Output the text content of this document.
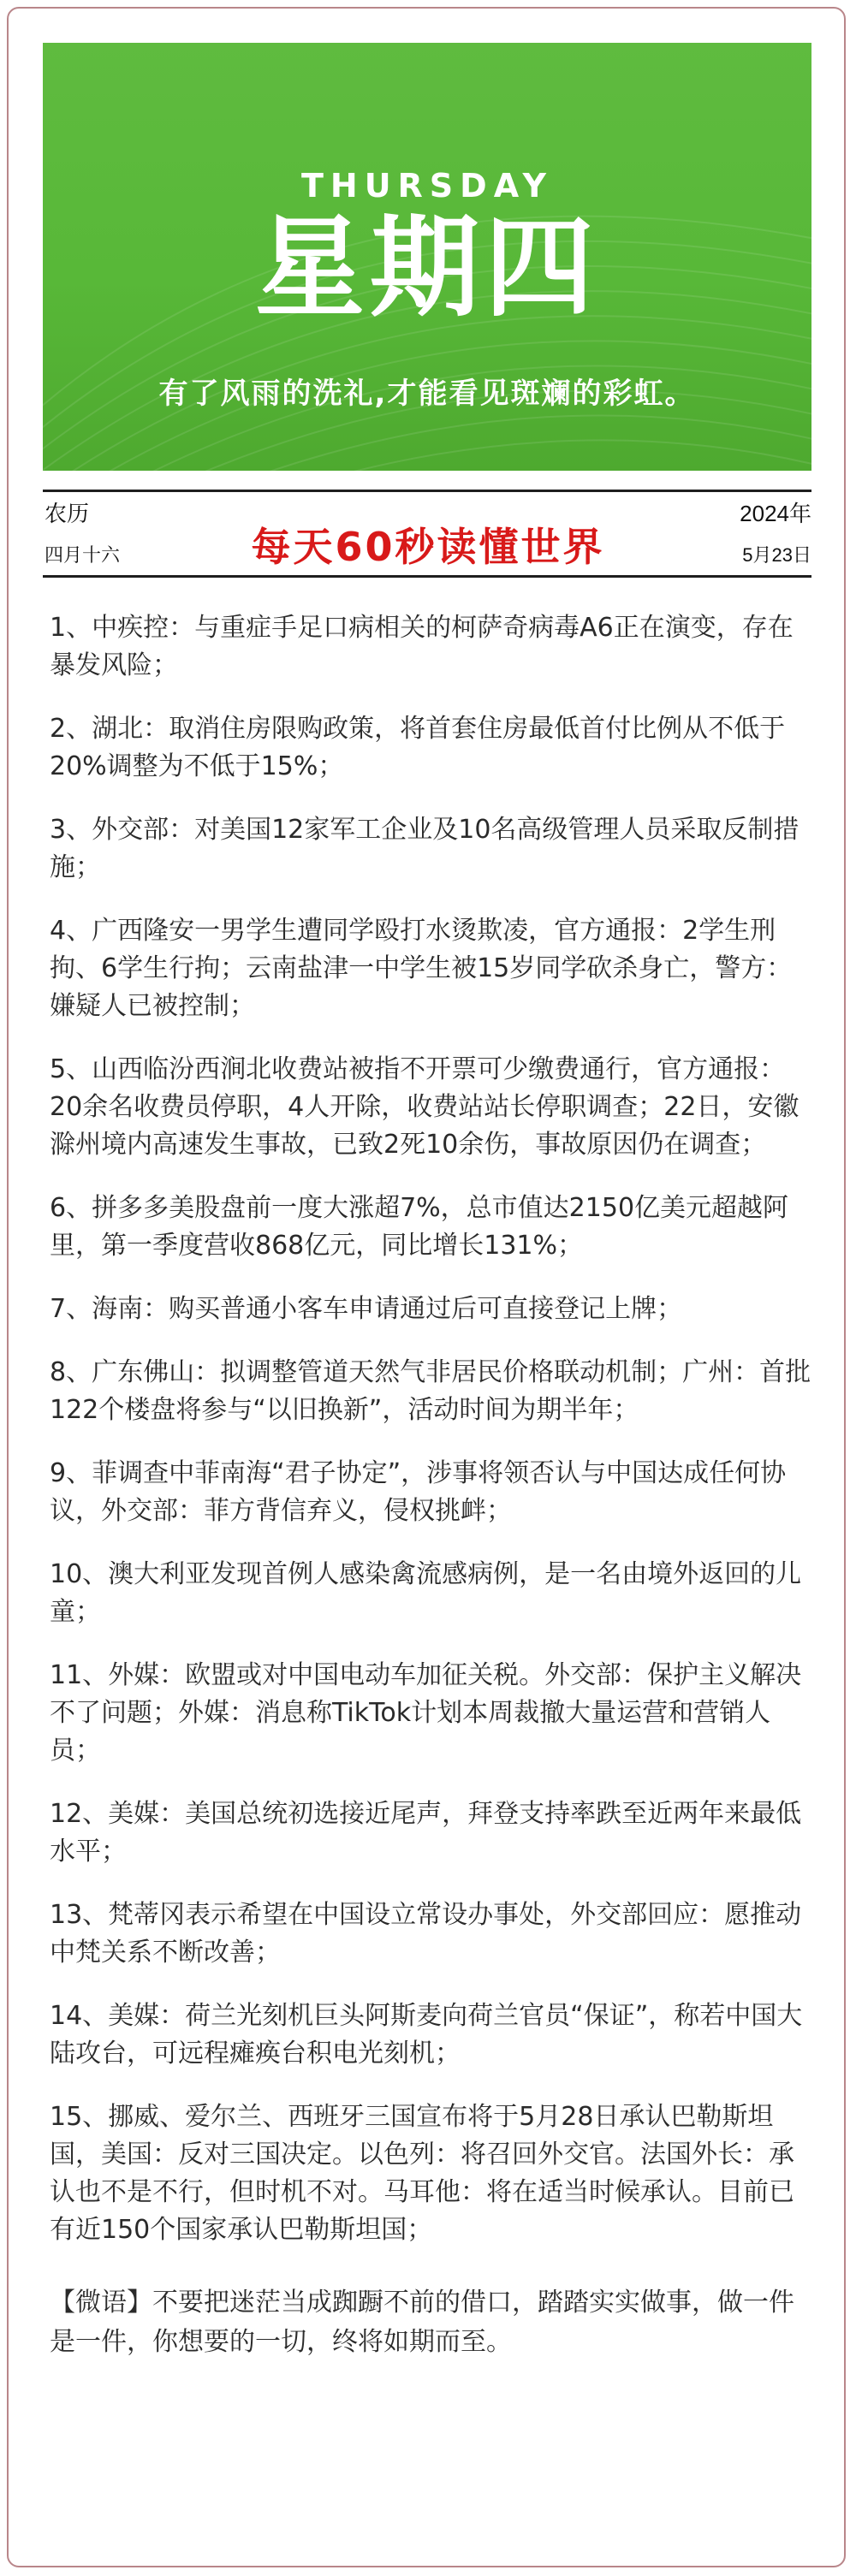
THURSDAY
星期四
有了风雨的洗礼,才能看见斑斓的彩虹。
农历
四月十六	每天60秒读懂世界
2024年
5月23日
1、中疾控：与重症手足口病相关的柯萨奇病毒A6正在演变，存在暴发风险；
2、湖北：取消住房限购政策，将首套住房最低首付比例从不低于20%调整为不低于15%；
3、外交部：对美国12家军工企业及10名高级管理人员采取反制措施；
4、广西隆安一男学生遭同学殴打水烫欺凌，官方通报：2学生刑拘、6学生行拘；云南盐津一中学生被15岁同学砍杀身亡，警方：嫌疑人已被控制；
5、山西临汾西涧北收费站被指不开票可少缴费通行，官方通报：20余名收费员停职，4人开除，收费站站长停职调查；22日，安徽滁州境内高速发生事故，已致2死10余伤，事故原因仍在调查；
6、拼多多美股盘前一度大涨超7%，总市值达2150亿美元超越阿里，第一季度营收868亿元，同比增长131%；
7、海南：购买普通小客车申请通过后可直接登记上牌；
8、广东佛山：拟调整管道天然气非居民价格联动机制；广州：首批122个楼盘将参与“以旧换新”，活动时间为期半年；
9、菲调查中菲南海“君子协定”，涉事将领否认与中国达成任何协议，外交部：菲方背信弃义，侵权挑衅；
10、澳大利亚发现首例人感染禽流感病例，是一名由境外返回的儿童；
11、外媒：欧盟或对中国电动车加征关税。外交部：保护主义解决不了问题；外媒：消息称TikTok计划本周裁撤大量运营和营销人员；
12、美媒：美国总统初选接近尾声，拜登支持率跌至近两年来最低水平；
13、梵蒂冈表示希望在中国设立常设办事处，外交部回应：愿推动中梵关系不断改善；
14、美媒：荷兰光刻机巨头阿斯麦向荷兰官员“保证”，称若中国大陆攻台，可远程瘫痪台积电光刻机；
15、挪威、爱尔兰、西班牙三国宣布将于5月28日承认巴勒斯坦国，美国：反对三国决定。以色列：将召回外交官。法国外长：承认也不是不行，但时机不对。马耳他：将在适当时候承认。目前已有近150个国家承认巴勒斯坦国；
【微语】不要把迷茫当成踟蹰不前的借口，踏踏实实做事，做一件是一件，你想要的一切，终将如期而至。
